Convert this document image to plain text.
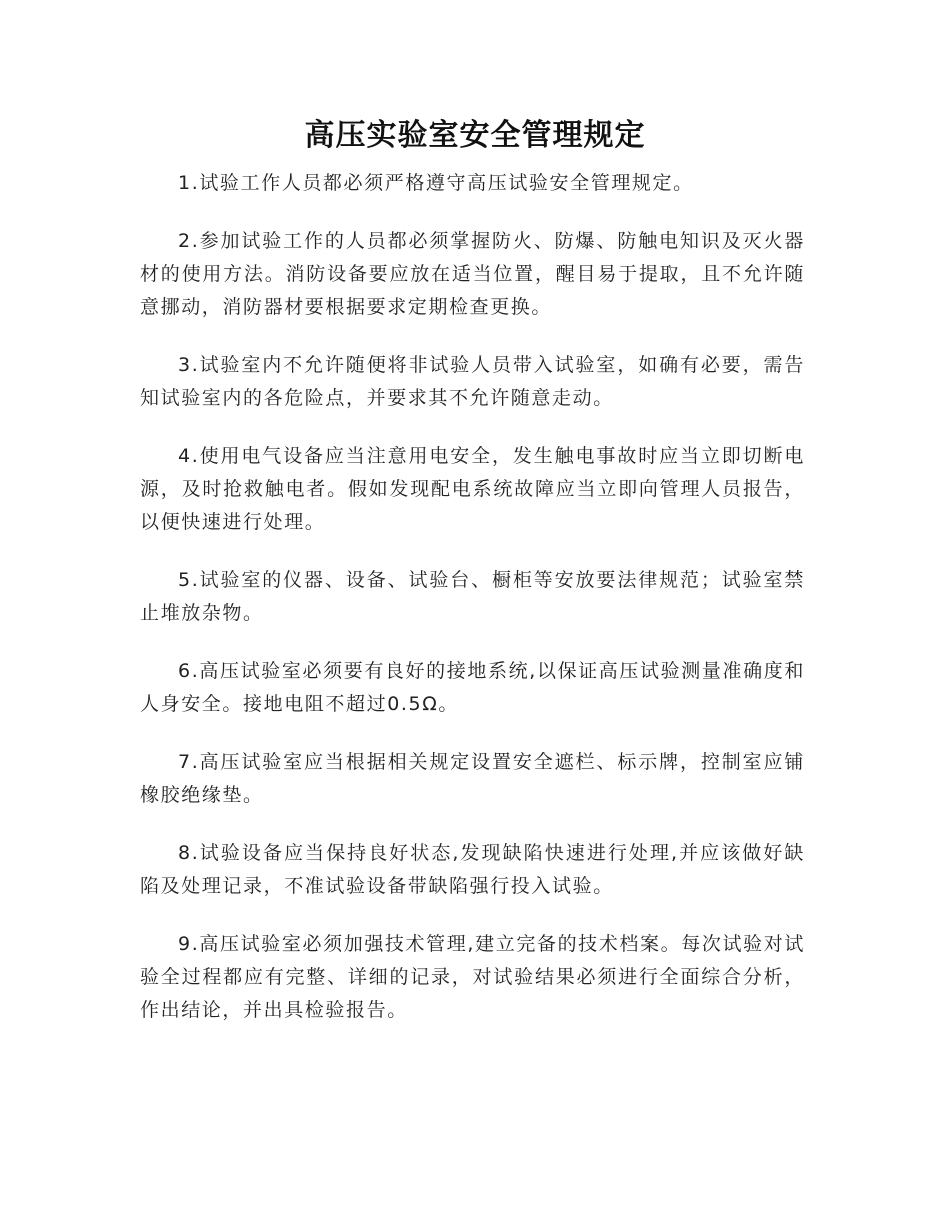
高压实验室安全管理规定

1.试验工作人员都必须严格遵守高压试验安全管理规定。

2.参加试验工作的人员都必须掌握防火、防爆、防触电知识及灭火器材的使用方法。消防设备要应放在适当位置，醒目易于提取，且不允许随意挪动，消防器材要根据要求定期检查更换。

3.试验室内不允许随便将非试验人员带入试验室，如确有必要，需告知试验室内的各危险点，并要求其不允许随意走动。

4.使用电气设备应当注意用电安全，发生触电事故时应当立即切断电源，及时抢救触电者。假如发现配电系统故障应当立即向管理人员报告，以便快速进行处理。

5.试验室的仪器、设备、试验台、橱柜等安放要法律规范；试验室禁止堆放杂物。

6.高压试验室必须要有良好的接地系统,以保证高压试验测量准确度和人身安全。接地电阻不超过0.5Ω。

7.高压试验室应当根据相关规定设置安全遮栏、标示牌，控制室应铺橡胶绝缘垫。

8.试验设备应当保持良好状态,发现缺陷快速进行处理,并应该做好缺陷及处理记录，不准试验设备带缺陷强行投入试验。

9.高压试验室必须加强技术管理,建立完备的技术档案。每次试验对试验全过程都应有完整、详细的记录，对试验结果必须进行全面综合分析，作出结论，并出具检验报告。
